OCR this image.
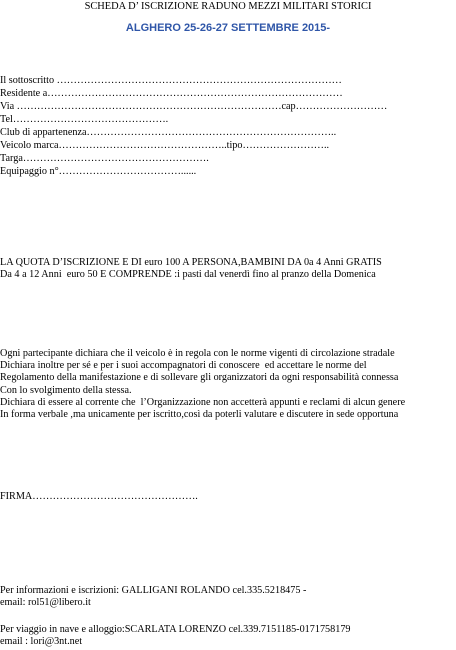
SCHEDA D’ ISCRIZIONE RADUNO MEZZI MILITARI STORICI
ALGHERO 25-26-27 SETTEMBRE 2015-
Il sottoscritto …………………………………………………………………………
Residente a……………………………………………………………………………
Via ……………………………………………………………………cap………………………
Tel……………………………………….
Club di appartenenza………………………………………………………………..
Veicolo marca…………………………………………..tipo……………………..
Targa……………………………………………….
Equipaggio n°………………………………......
LA QUOTA D’ISCRIZIONE E DI euro 100 A PERSONA,BAMBINI DA 0a 4 Anni GRATIS
Da 4 a 12 Anni  euro 50 E COMPRENDE :i pasti dal venerdì fino al pranzo della Domenica
Ogni partecipante dichiara che il veicolo è in regola con le norme vigenti di circolazione stradale
Dichiara inoltre per sé e per i suoi accompagnatori di conoscere  ed accettare le norme del
Regolamento della manifestazione e di sollevare gli organizzatori da ogni responsabilità connessa
Con lo svolgimento della stessa.
Dichiara di essere al corrente che  l’Organizzazione non accetterà appunti e reclami di alcun genere
In forma verbale ,ma unicamente per iscritto,così da poterli valutare e discutere in sede opportuna
FIRMA………………………………………….
Per informazioni e iscrizioni: GALLIGANI ROLANDO cel.335.5218475 -
email: rol51@libero.it
Per viaggio in nave e alloggio:SCARLATA LORENZO cel.339.7151185-0171758179
email : lori@3nt.net
